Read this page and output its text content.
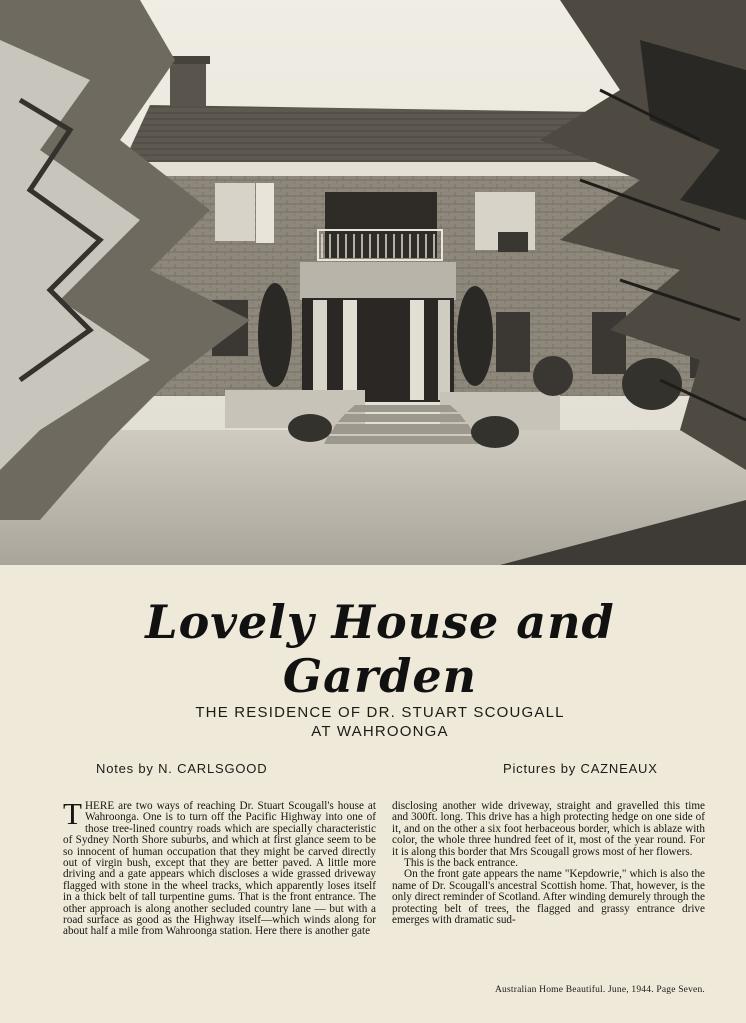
Lovely House and Garden
THE RESIDENCE OF DR. STUART SCOUGALL
AT WAHROONGA
Notes by N. CARLSGOOD	Pictures by CAZNEAUX

T HERE are two ways of reaching Dr. Stuart Scougall's house at Wahroonga. One is to turn off the Pacific Highway into one of those tree-lined country roads which are specially characteristic of Sydney North Shore suburbs, and which at first glance seem to be so innocent of human occupation that they might be carved directly out of virgin bush, except that they are better paved. A little more driving and a gate appears which discloses a wide grassed driveway flagged with stone in the wheel tracks, which apparently loses itself in a thick belt of tall turpentine gums. That is the front entrance. The other approach is along another secluded country lane — but with a road surface as good as the Highway itself—which winds along for about half a mile from Wahroonga station. Here there is another gate

disclosing another wide driveway, straight and gravelled this time and 300ft. long. This drive has a high protecting hedge on one side of it, and on the other a six foot herbaceous border, which is ablaze with color, the whole three hundred feet of it, most of the year round. For it is along this border that Mrs Scougall grows most of her flowers.

This is the back entrance.

On the front gate appears the name "Kepdowrie," which is also the name of Dr. Scougall's ancestral Scottish home. That, however, is the only direct reminder of Scotland. After winding demurely through the protecting belt of trees, the flagged and grassy entrance drive emerges with dramatic sud-

Australian Home Beautiful. June, 1944. Page Seven.
